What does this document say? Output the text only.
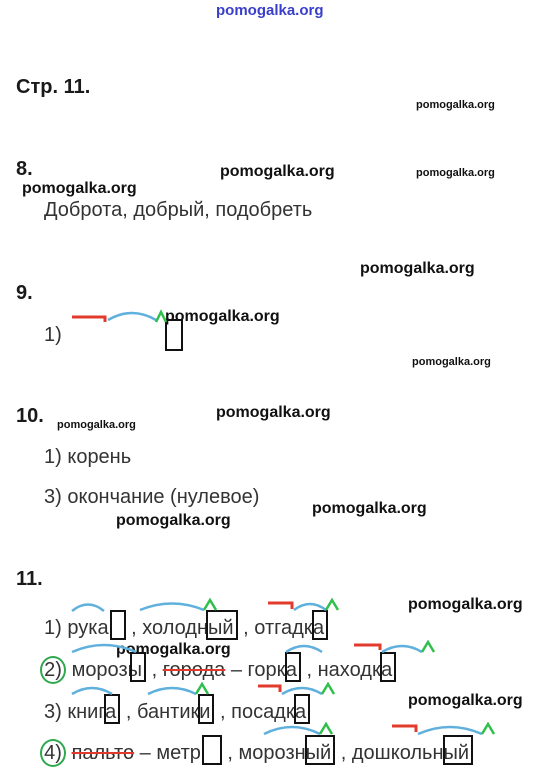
pomogalka.org
pomogalka.org
pomogalka.org	pomogalka.org
pomogalka.org
pomogalka.org
pomogalka.org
pomogalka.org
pomogalka.org
pomogalka.org
pomogalka.org
pomogalka.org
pomogalka.org
pomogalka.org
pomogalka.org
Стр. 11.
8.
Доброта, добрый, подобреть
9.
1)
10.
1) корень
3) окончание (нулевое)
11.
1) рука , холодный , отгадка
2) морозы , города – горка , находка
3) книга , бантики , посадка
4) пальто – метр , морозный , дошкольный
